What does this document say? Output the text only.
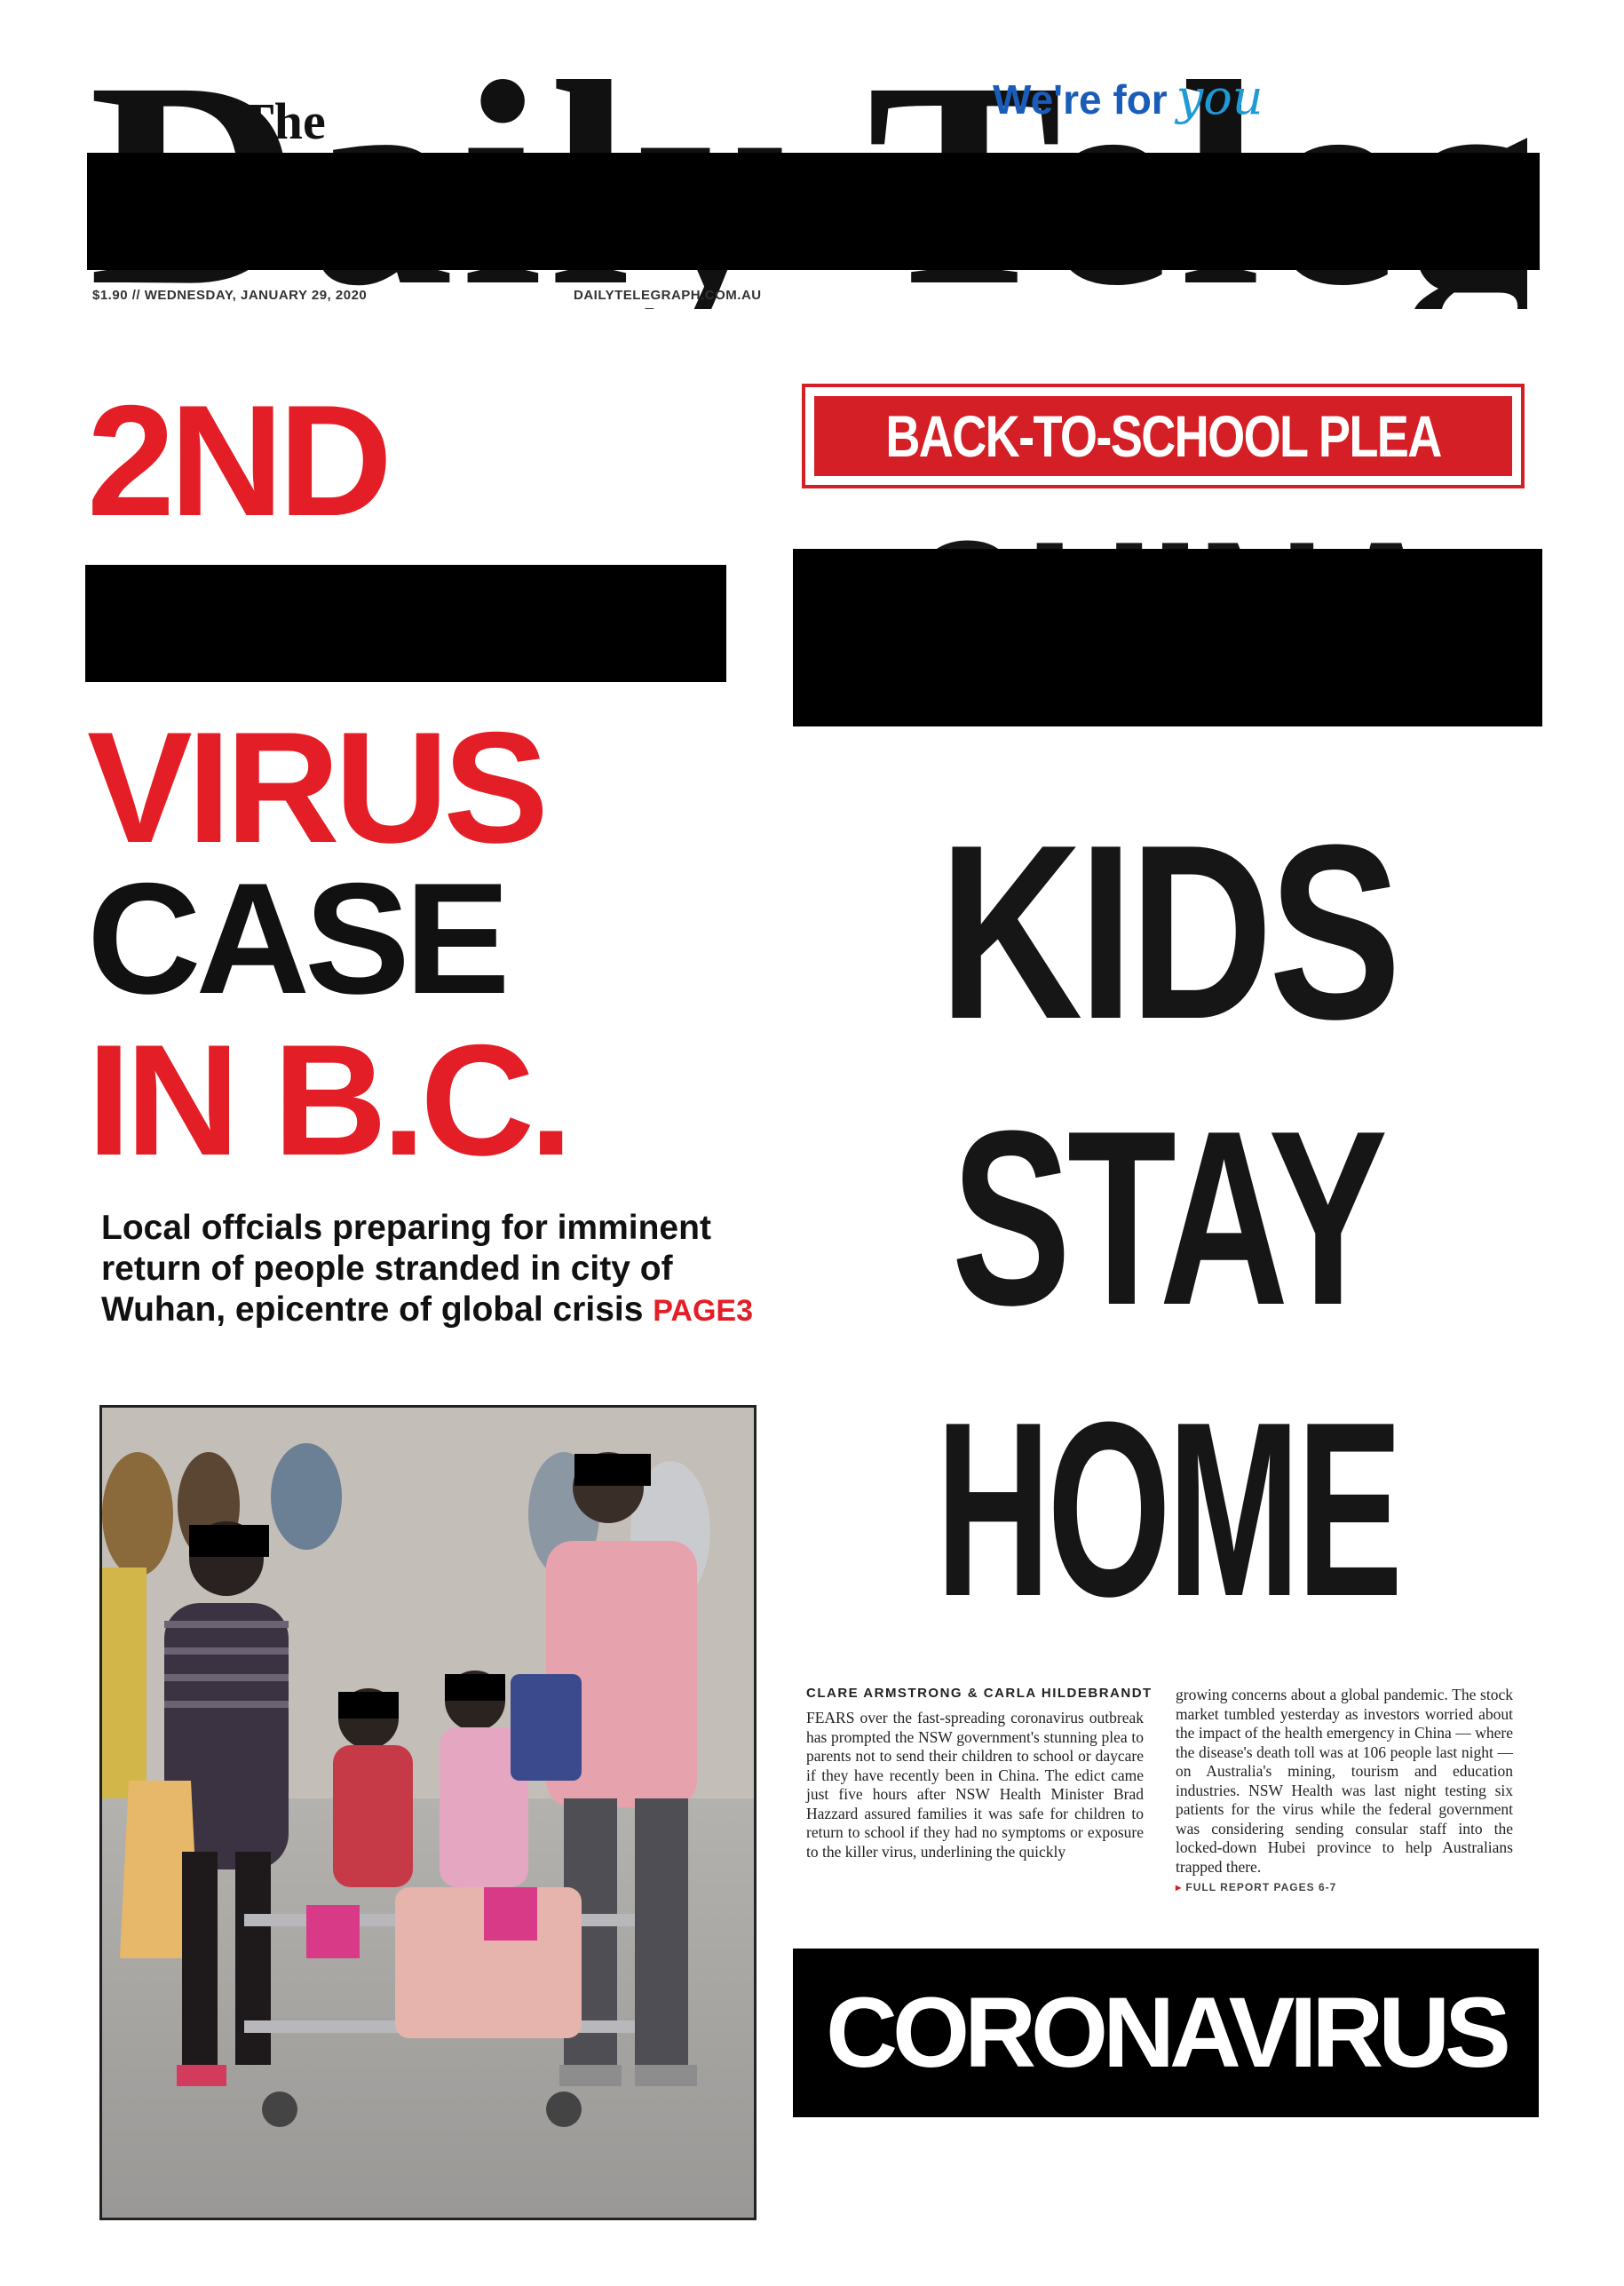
The	We're for you
$1.90 // WEDNESDAY, JANUARY 29, 2020	DAILYTELEGRAPH.COM.AU
2ND
VIRUS
CASE
IN B.C.
Local offcials preparing for imminent return of people stranded in city of Wuhan, epicentre of global crisis PAGE3
BACK-TO-SCHOOL PLEA
KIDS
STAY
HOME
CLARE ARMSTRONG & CARLA HILDEBRANDT
FEARS over the fast-spreading coronavirus outbreak has prompted the NSW government's stunning plea to parents not to send their children to school or daycare if they have recently been in China. The edict came just five hours after NSW Health Minister Brad Hazzard assured families it was safe for children to return to school if they had no symptoms or exposure to the killer virus, underlining the quickly
growing concerns about a global pandemic. The stock market tumbled yesterday as investors worried about the impact of the health emergency in China — where the disease's death toll was at 106 people last night — on Australia's mining, tourism and education industries. NSW Health was last night testing six patients for the virus while the federal government was considering sending consular staff into the locked-down Hubei province to help Australians trapped there.
▸ FULL REPORT PAGES 6-7
CORONAVIRUS THREAT
